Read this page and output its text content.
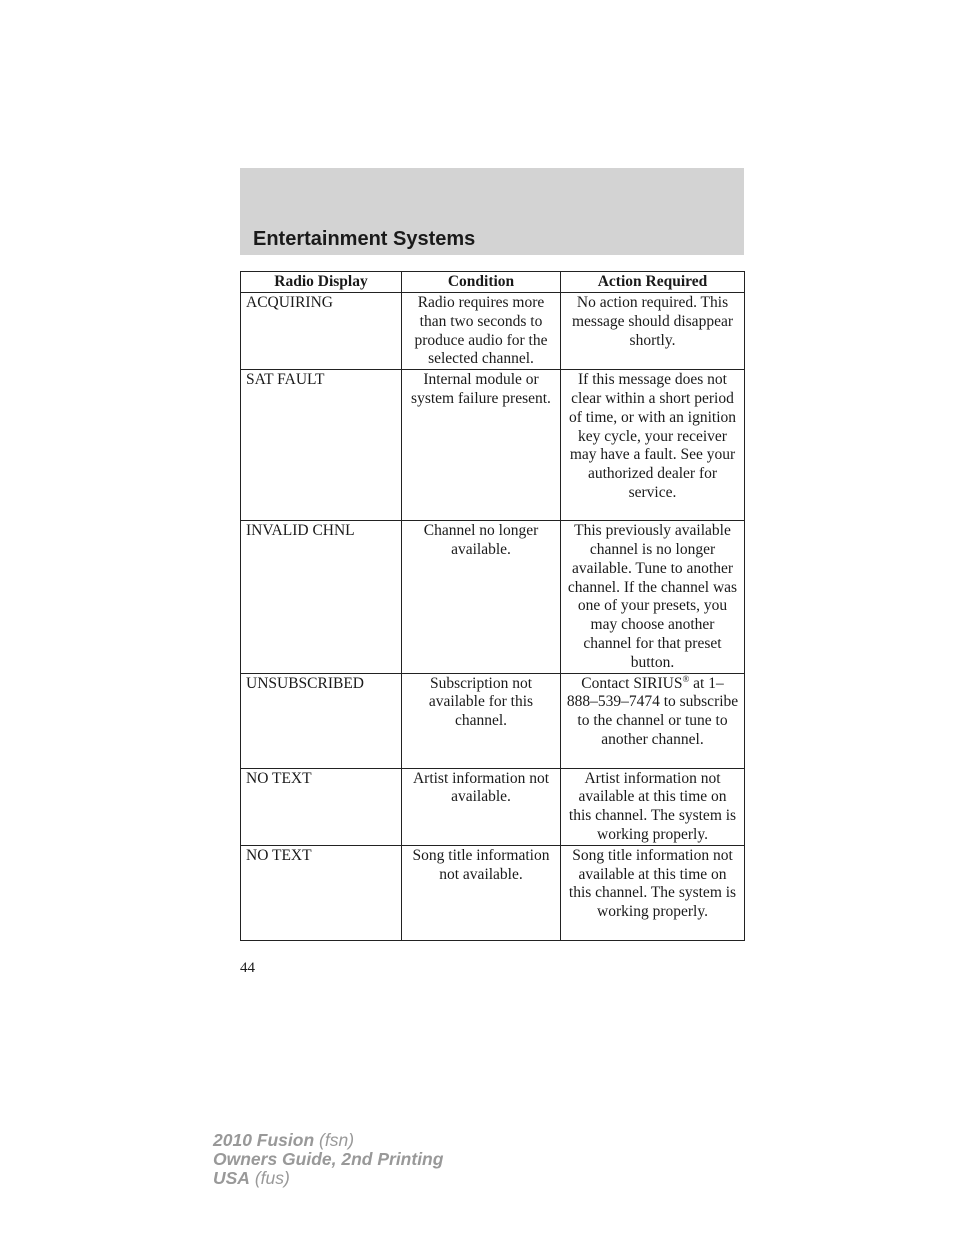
Entertainment Systems
Radio Display	Condition	Action Required
ACQUIRING	Radio requires more than two seconds to produce audio for the selected channel.	No action required. This message should disappear shortly.
SAT FAULT	Internal module or system failure present.	If this message does not clear within a short period of time, or with an ignition key cycle, your receiver may have a fault. See your authorized dealer for service.
INVALID CHNL	Channel no longer available.	This previously available channel is no longer available. Tune to another channel. If the channel was one of your presets, you may choose another channel for that preset button.
UNSUBSCRIBED	Subscription not available for this channel.	Contact SIRIUS® at 1–888–539–7474 to subscribe to the channel or tune to another channel.
NO TEXT	Artist information not available.	Artist information not available at this time on this channel. The system is working properly.
NO TEXT	Song title information not available.	Song title information not available at this time on this channel. The system is working properly.
44
2010 Fusion (fsn)
Owners Guide, 2nd Printing
USA (fus)
